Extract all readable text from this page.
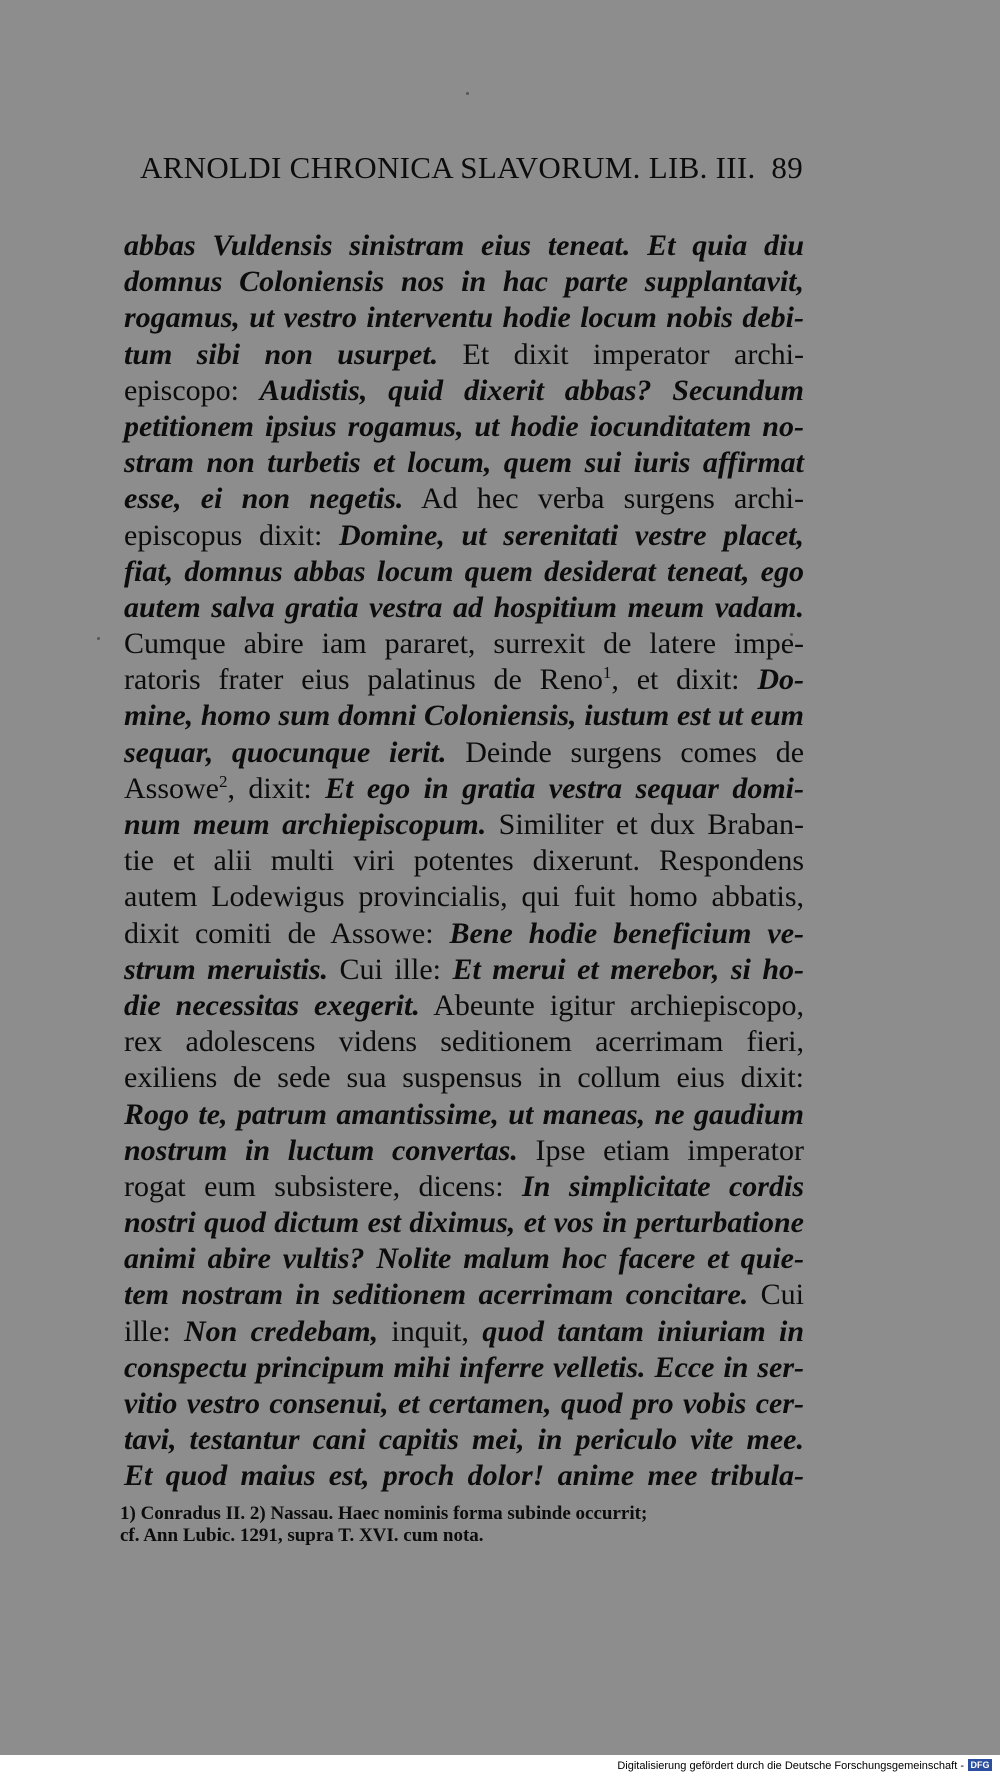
ARNOLDI CHRONICA SLAVORUM. LIB. III. 89
abbas Vuldensis sinistram eius teneat. Et quia diu
domnus Coloniensis nos in hac parte supplantavit,
rogamus, ut vestro interventu hodie locum nobis debi-
tum sibi non usurpet. Et dixit imperator archi-
episcopo: Audistis, quid dixerit abbas? Secundum
petitionem ipsius rogamus, ut hodie iocunditatem no-
stram non turbetis et locum, quem sui iuris affirmat
esse, ei non negetis. Ad hec verba surgens archi-
episcopus dixit: Domine, ut serenitati vestre placet,
fiat, domnus abbas locum quem desiderat teneat, ego
autem salva gratia vestra ad hospitium meum vadam.
Cumque abire iam pararet, surrexit de latere impe-
ratoris frater eius palatinus de Reno$^1$, et dixit: Do-
mine, homo sum domni Coloniensis, iustum est ut eum
sequar, quocunque ierit. Deinde surgens comes de
Assowe$^2$, dixit: Et ego in gratia vestra sequar domi-
num meum archiepiscopum. Similiter et dux Braban-
tie et alii multi viri potentes dixerunt. Respondens
autem Lodewigus provincialis, qui fuit homo abbatis,
dixit comiti de Assowe: Bene hodie beneficium ve-
strum meruistis. Cui ille: Et merui et merebor, si ho-
die necessitas exegerit. Abeunte igitur archiepiscopo,
rex adolescens videns seditionem acerrimam fieri,
exiliens de sede sua suspensus in collum eius dixit:
Rogo te, patrum amantissime, ut maneas, ne gaudium
nostrum in luctum convertas. Ipse etiam imperator
rogat eum subsistere, dicens: In simplicitate cordis
nostri quod dictum est diximus, et vos in perturbatione
animi abire vultis? Nolite malum hoc facere et quie-
tem nostram in seditionem acerrimam concitare. Cui
ille: Non credebam, inquit, quod tantam iniuriam in
conspectu principum mihi inferre velletis. Ecce in ser-
vitio vestro consenui, et certamen, quod pro vobis cer-
tavi, testantur cani capitis mei, in periculo vite mee.
Et quod maius est, proch dolor! anime mee tribula-
1) Conradus II. 2) Nassau. Haec nominis forma subinde occurrit;
cf. Ann Lubic. 1291, supra T. XVI. cum nota.
Digitalisierung gefördert durch die Deutsche Forschungsgemeinschaft - DFG
